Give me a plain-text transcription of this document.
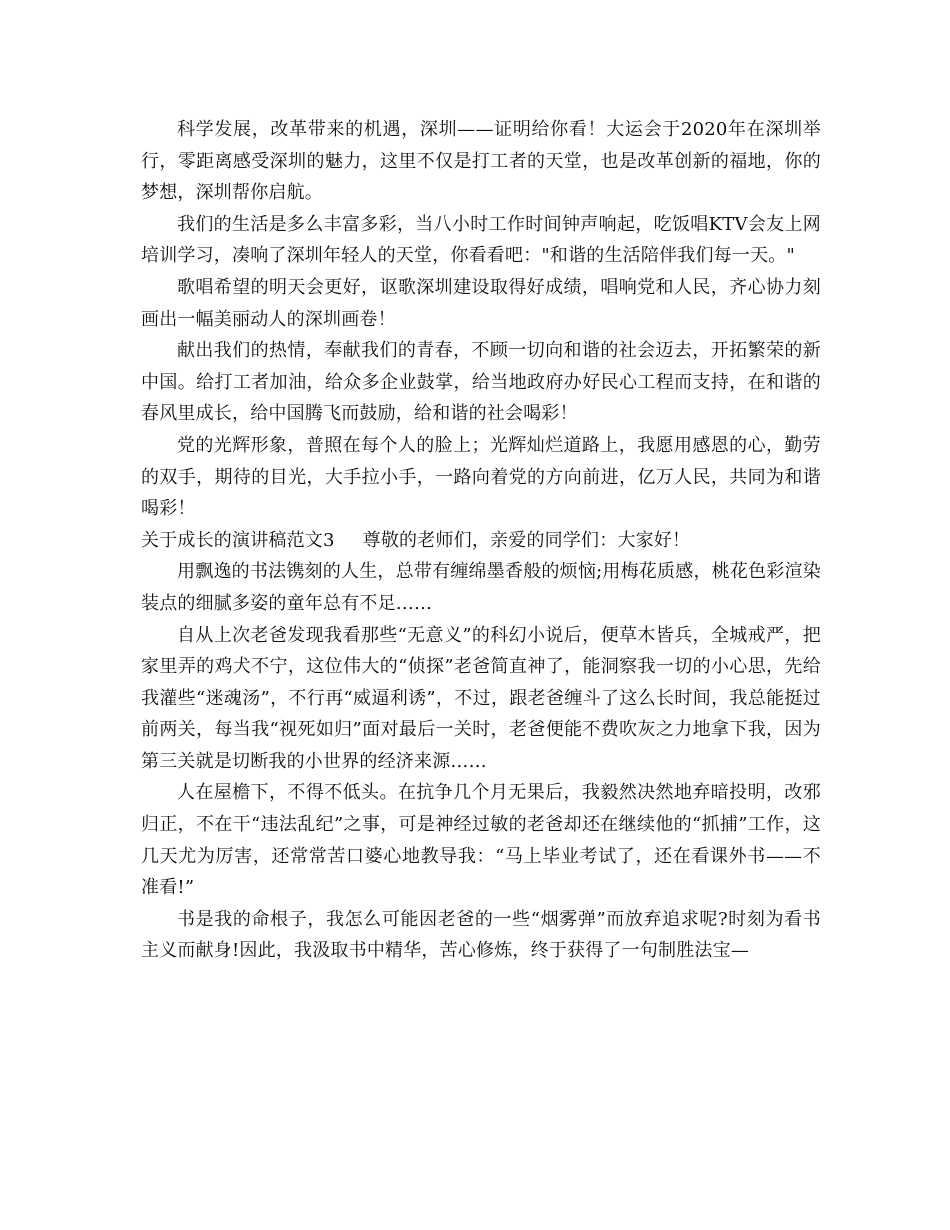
科学发展，改革带来的机遇，深圳——证明给你看！大运会于2020年在深圳举行，零距离感受深圳的魅力，这里不仅是打工者的天堂，也是改革创新的福地，你的梦想，深圳帮你启航。

我们的生活是多么丰富多彩，当八小时工作时间钟声响起，吃饭唱KTV会友上网培训学习，凑响了深圳年轻人的天堂，你看看吧："和谐的生活陪伴我们每一天。"

歌唱希望的明天会更好，讴歌深圳建设取得好成绩，唱响党和人民，齐心协力刻画出一幅美丽动人的深圳画卷！

献出我们的热情，奉献我们的青春，不顾一切向和谐的社会迈去，开拓繁荣的新中国。给打工者加油，给众多企业鼓掌，给当地政府办好民心工程而支持，在和谐的春风里成长，给中国腾飞而鼓励，给和谐的社会喝彩！

党的光辉形象，普照在每个人的脸上；光辉灿烂道路上，我愿用感恩的心，勤劳的双手，期待的目光，大手拉小手，一路向着党的方向前进，亿万人民，共同为和谐喝彩！

关于成长的演讲稿范文3 尊敬的老师们，亲爱的同学们：大家好！

用飘逸的书法镌刻的人生，总带有缠绵墨香般的烦恼;用梅花质感，桃花色彩渲染装点的细腻多姿的童年总有不足……

自从上次老爸发现我看那些“无意义”的科幻小说后，便草木皆兵，全城戒严，把家里弄的鸡犬不宁，这位伟大的“侦探”老爸简直神了，能洞察我一切的小心思，先给我灌些“迷魂汤”，不行再“威逼利诱”，不过，跟老爸缠斗了这么长时间，我总能挺过前两关，每当我“视死如归”面对最后一关时，老爸便能不费吹灰之力地拿下我，因为第三关就是切断我的小世界的经济来源……

人在屋檐下，不得不低头。在抗争几个月无果后，我毅然决然地弃暗投明，改邪归正，不在干“违法乱纪”之事，可是神经过敏的老爸却还在继续他的“抓捕”工作，这几天尤为厉害，还常常苦口婆心地教导我：“马上毕业考试了，还在看课外书——不准看!”

书是我的命根子，我怎么可能因老爸的一些“烟雾弹”而放弃追求呢?时刻为看书主义而献身!因此，我汲取书中精华，苦心修炼，终于获得了一句制胜法宝—
